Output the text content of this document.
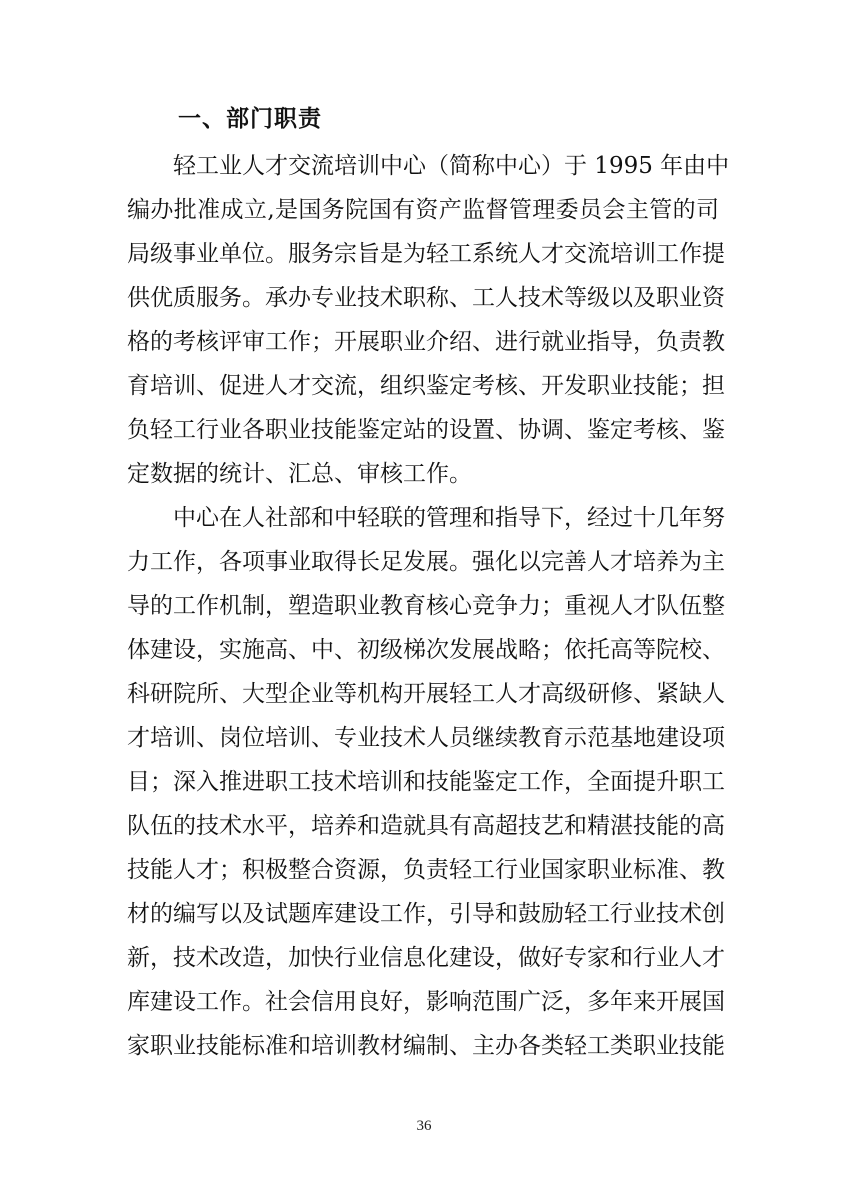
一、部门职责
轻工业人才交流培训中心（简称中心）于 1995 年由中
编办批准成立,是国务院国有资产监督管理委员会主管的司
局级事业单位。服务宗旨是为轻工系统人才交流培训工作提
供优质服务。承办专业技术职称、工人技术等级以及职业资
格的考核评审工作；开展职业介绍、进行就业指导，负责教
育培训、促进人才交流，组织鉴定考核、开发职业技能；担
负轻工行业各职业技能鉴定站的设置、协调、鉴定考核、鉴
定数据的统计、汇总、审核工作。
中心在人社部和中轻联的管理和指导下，经过十几年努
力工作，各项事业取得长足发展。强化以完善人才培养为主
导的工作机制，塑造职业教育核心竞争力；重视人才队伍整
体建设，实施高、中、初级梯次发展战略；依托高等院校、
科研院所、大型企业等机构开展轻工人才高级研修、紧缺人
才培训、岗位培训、专业技术人员继续教育示范基地建设项
目；深入推进职工技术培训和技能鉴定工作，全面提升职工
队伍的技术水平，培养和造就具有高超技艺和精湛技能的高
技能人才；积极整合资源，负责轻工行业国家职业标准、教
材的编写以及试题库建设工作，引导和鼓励轻工行业技术创
新，技术改造，加快行业信息化建设，做好专家和行业人才
库建设工作。社会信用良好，影响范围广泛，多年来开展国
家职业技能标准和培训教材编制、主办各类轻工类职业技能
36
